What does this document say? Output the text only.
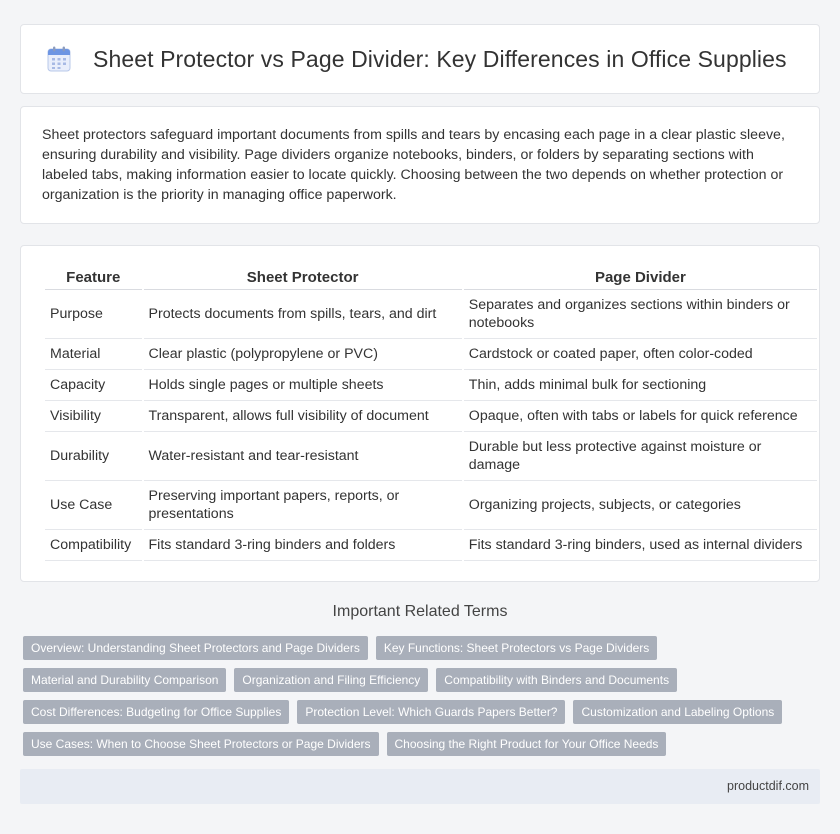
Sheet Protector vs Page Divider: Key Differences in Office Supplies

Sheet protectors safeguard important documents from spills and tears by encasing each page in a clear plastic sleeve, ensuring durability and visibility. Page dividers organize notebooks, binders, or folders by separating sections with labeled tabs, making information easier to locate quickly. Choosing between the two depends on whether protection or organization is the priority in managing office paperwork.

Feature	Sheet Protector	Page Divider
Purpose	Protects documents from spills, tears, and dirt	Separates and organizes sections within binders or notebooks
Material	Clear plastic (polypropylene or PVC)	Cardstock or coated paper, often color-coded
Capacity	Holds single pages or multiple sheets	Thin, adds minimal bulk for sectioning
Visibility	Transparent, allows full visibility of document	Opaque, often with tabs or labels for quick reference
Durability	Water-resistant and tear-resistant	Durable but less protective against moisture or damage
Use Case	Preserving important papers, reports, or presentations	Organizing projects, subjects, or categories
Compatibility	Fits standard 3-ring binders and folders	Fits standard 3-ring binders, used as internal dividers
Important Related Terms
Overview: Understanding Sheet Protectors and Page Dividers	Key Functions: Sheet Protectors vs Page Dividers
Material and Durability Comparison	Organization and Filing Efficiency	Compatibility with Binders and Documents
Cost Differences: Budgeting for Office Supplies	Protection Level: Which Guards Papers Better?	Customization and Labeling Options
Use Cases: When to Choose Sheet Protectors or Page Dividers	Choosing the Right Product for Your Office Needs
productdif.com
